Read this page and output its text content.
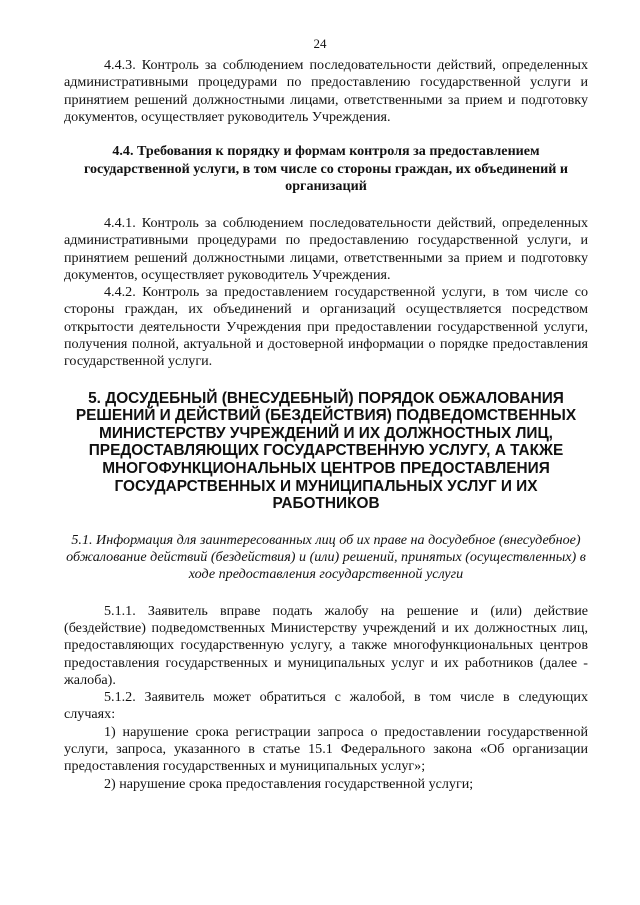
24

4.4.3. Контроль за соблюдением последовательности действий, определенных административными процедурами по предоставлению государственной услуги и принятием решений должностными лицами, ответственными за прием и подготовку документов, осуществляет руководитель Учреждения.

4.4. Требования к порядку и формам контроля за предоставлением государственной услуги, в том числе со стороны граждан, их объединений и организаций

4.4.1. Контроль за соблюдением последовательности действий, определенных административными процедурами по предоставлению государственной услуги, и принятием решений должностными лицами, ответственными за прием и подготовку документов, осуществляет руководитель Учреждения.

4.4.2. Контроль за предоставлением государственной услуги, в том числе со стороны граждан, их объединений и организаций осуществляется посредством открытости деятельности Учреждения при предоставлении государственной услуги, получения полной, актуальной и достоверной информации о порядке предоставления государственной услуги.

5. ДОСУДЕБНЫЙ (ВНЕСУДЕБНЫЙ) ПОРЯДОК ОБЖАЛОВАНИЯ РЕШЕНИЙ И ДЕЙСТВИЙ (БЕЗДЕЙСТВИЯ) ПОДВЕДОМСТВЕННЫХ МИНИСТЕРСТВУ УЧРЕЖДЕНИЙ И ИХ ДОЛЖНОСТНЫХ ЛИЦ, ПРЕДОСТАВЛЯЮЩИХ ГОСУДАРСТВЕННУЮ УСЛУГУ, А ТАКЖЕ МНОГОФУНКЦИОНАЛЬНЫХ ЦЕНТРОВ ПРЕДОСТАВЛЕНИЯ ГОСУДАРСТВЕННЫХ И МУНИЦИПАЛЬНЫХ УСЛУГ И ИХ РАБОТНИКОВ

5.1. Информация для заинтересованных лиц об их праве на досудебное (внесудебное) обжалование действий (бездействия) и (или) решений, принятых (осуществленных) в ходе предоставления государственной услуги

5.1.1. Заявитель вправе подать жалобу на решение и (или) действие (бездействие) подведомственных Министерству учреждений и их должностных лиц, предоставляющих государственную услугу, а также многофункциональных центров предоставления государственных и муниципальных услуг и их работников (далее - жалоба).

5.1.2. Заявитель может обратиться с жалобой, в том числе в следующих случаях:

1) нарушение срока регистрации запроса о предоставлении государственной услуги, запроса, указанного в статье 15.1 Федерального закона «Об организации предоставления государственных и муниципальных услуг»;

2) нарушение срока предоставления государственной услуги;
